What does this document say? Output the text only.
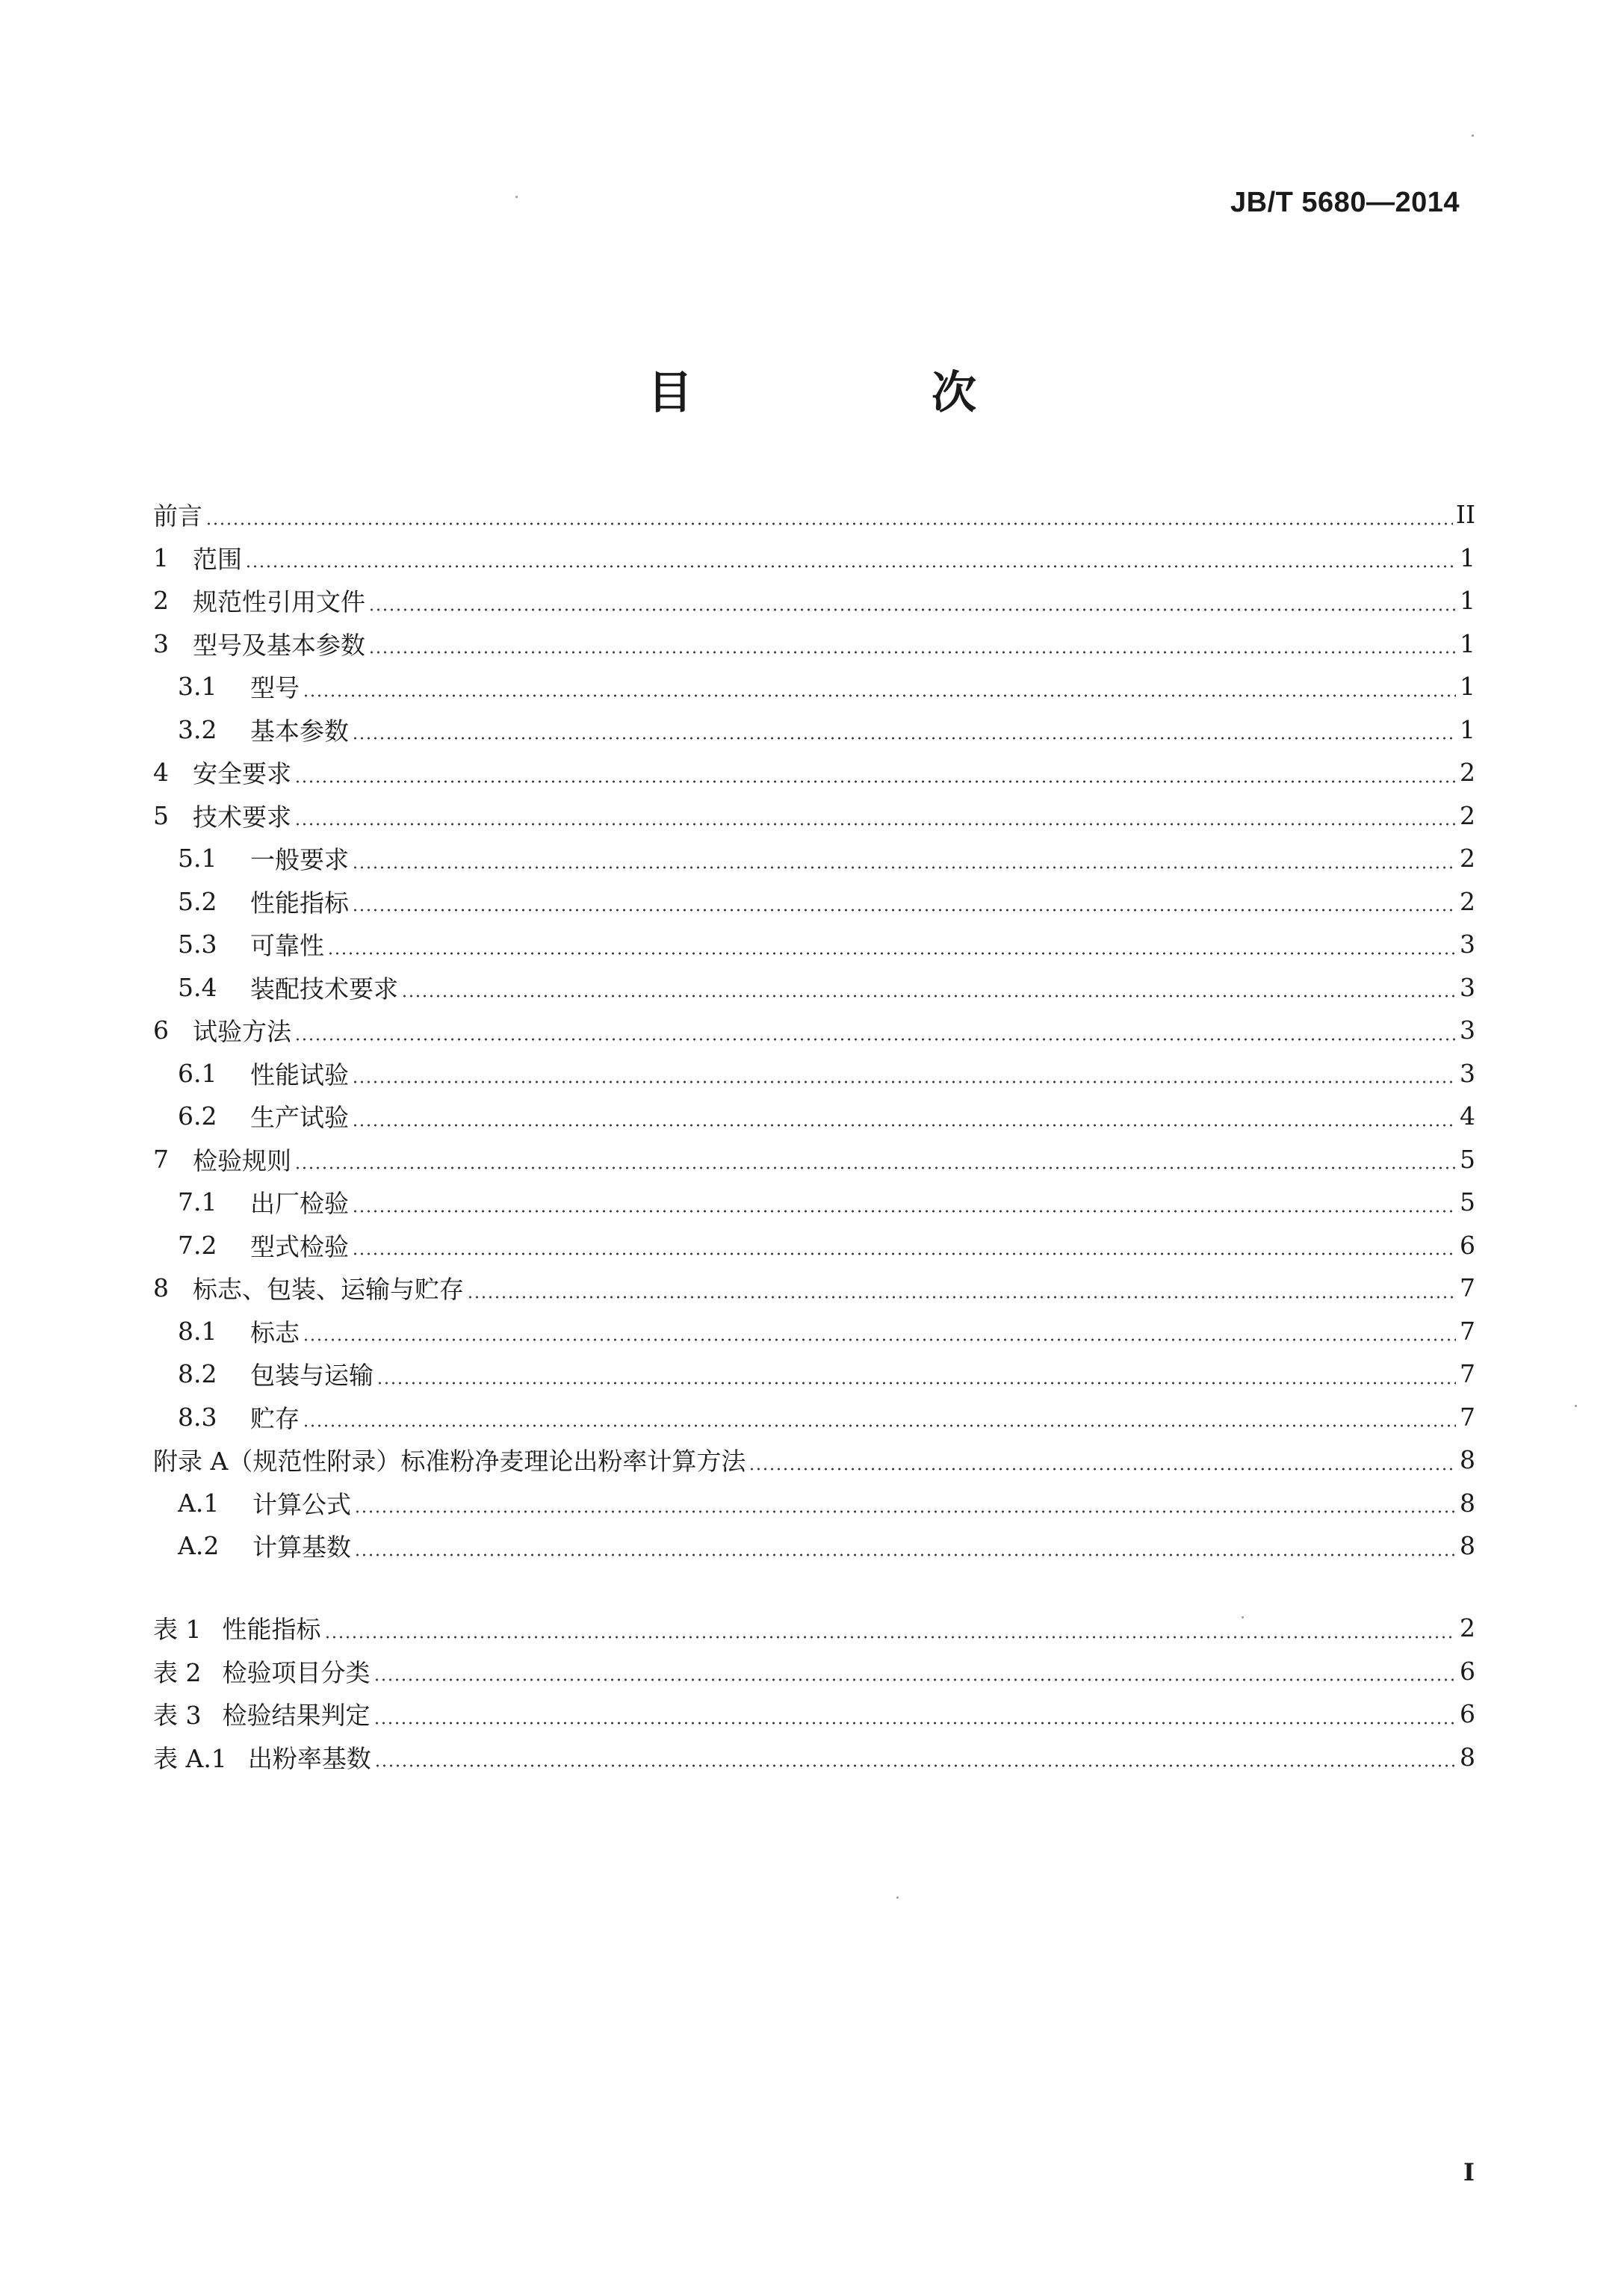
JB/T 5680—2014
目　次
前言	II
1 范围	1
2 规范性引用文件	1
3 型号及基本参数	1
3.1	型号	1
3.2	基本参数	1
4 安全要求	2
5 技术要求	2
5.1	一般要求	2
5.2	性能指标	2
5.3	可靠性	3
5.4	装配技术要求	3
6 试验方法	3
6.1	性能试验	3
6.2	生产试验	4
7 检验规则	5
7.1	出厂检验	5
7.2	型式检验	6
8 标志、包装、运输与贮存	7
8.1	标志	7
8.2	包装与运输	7
8.3	贮存	7
附录 A（规范性附录）标准粉净麦理论出粉率计算方法	8
A.1	计算公式	8
A.2	计算基数	8
表 1 性能指标	2
表 2 检验项目分类	6
表 3 检验结果判定	6
表 A.1 出粉率基数	8
I
